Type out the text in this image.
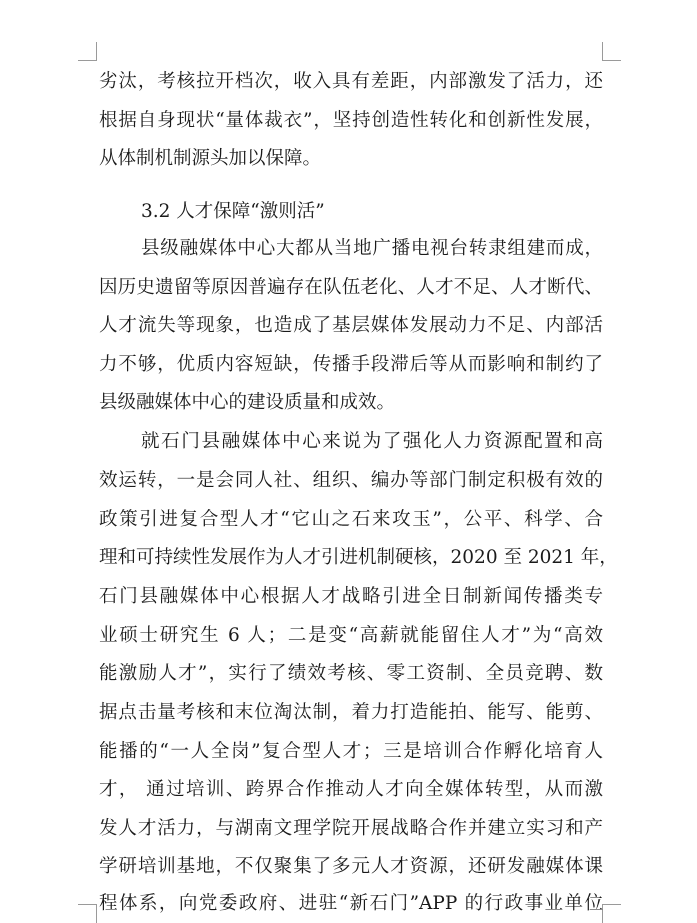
劣汰，考核拉开档次，收入具有差距，内部激发了活力，还
根据自身现状“量体裁衣”，坚持创造性转化和创新性发展，
从体制机制源头加以保障。
3.2 人才保障“激则活”
县级融媒体中心大都从当地广播电视台转隶组建而成，
因历史遗留等原因普遍存在队伍老化、人才不足、人才断代、
人才流失等现象，也造成了基层媒体发展动力不足、内部活
力不够，优质内容短缺，传播手段滞后等从而影响和制约了
县级融媒体中心的建设质量和成效。
就石门县融媒体中心来说为了强化人力资源配置和高
效运转，一是会同人社、组织、编办等部门制定积极有效的
政策引进复合型人才“它山之石来攻玉”，公平、科学、合
理和可持续性发展作为人才引进机制硬核，2020 至 2021 年，
石门县融媒体中心根据人才战略引进全日制新闻传播类专
业硕士研究生 6 人；二是变“高薪就能留住人才”为“高效
能激励人才”，实行了绩效考核、零工资制、全员竞聘、数
据点击量考核和末位淘汰制，着力打造能拍、能写、能剪、
能播的“一人全岗”复合型人才；三是培训合作孵化培育人
才， 通过培训、跨界合作推动人才向全媒体转型，从而激
发人才活力，与湖南文理学院开展战略合作并建立实习和产
学研培训基地，不仅聚集了多元人才资源，还研发融媒体课
程体系，向党委政府、进驻“新石门”APP 的行政事业单位
